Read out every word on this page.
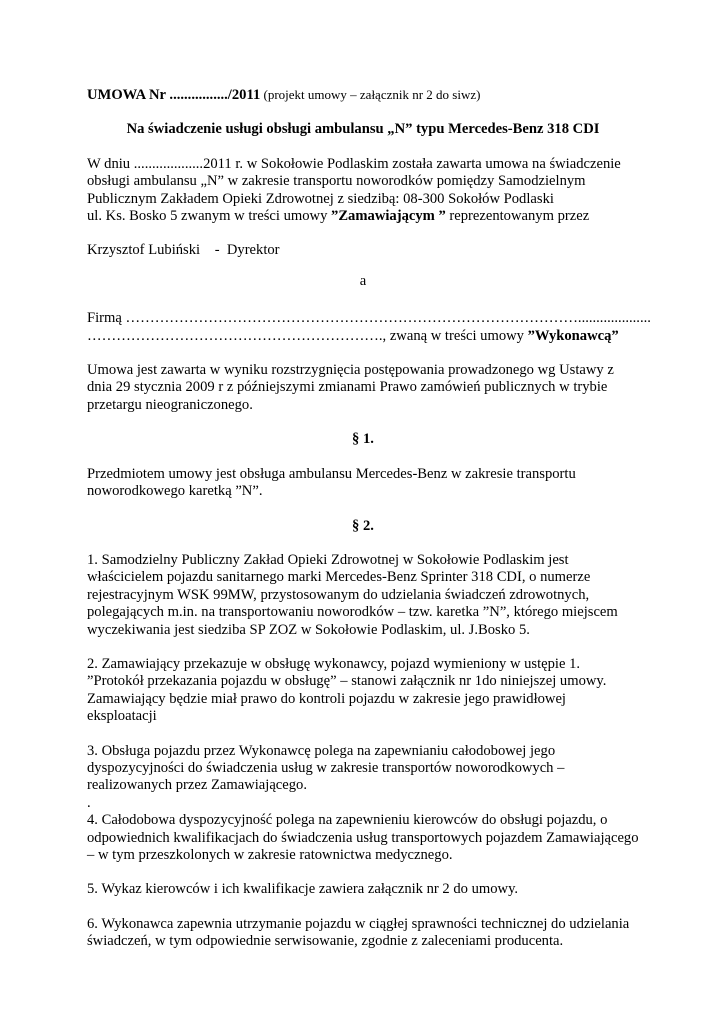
UMOWA Nr ................/2011 (projekt umowy – załącznik nr 2 do siwz)

Na świadczenie usługi obsługi ambulansu „N” typu Mercedes-Benz 318 CDI

W dniu ...................2011 r. w Sokołowie Podlaskim została zawarta umowa na świadczenie

obsługi ambulansu „N” w zakresie transportu noworodków pomiędzy Samodzielnym

Publicznym Zakładem Opieki Zdrowotnej z siedzibą: 08-300 Sokołów Podlaski

ul. Ks. Bosko 5 zwanym w treści umowy ”Zamawiającym ” reprezentowanym przez

Krzysztof Lubiński    -  Dyrektor

a

Firmą …………………………………………………………………………………....................

……………………………………………………., zwaną w treści umowy ”Wykonawcą”

Umowa jest zawarta w wyniku rozstrzygnięcia postępowania prowadzonego wg Ustawy z

dnia 29 stycznia 2009 r z późniejszymi zmianami Prawo zamówień publicznych w trybie

przetargu nieograniczonego.

§ 1.

Przedmiotem umowy jest obsługa ambulansu Mercedes-Benz w zakresie transportu

noworodkowego karetką ”N”.

§ 2.

1. Samodzielny Publiczny Zakład Opieki Zdrowotnej w Sokołowie Podlaskim jest

właścicielem pojazdu sanitarnego marki Mercedes-Benz Sprinter 318 CDI, o numerze

rejestracyjnym WSK 99MW, przystosowanym do udzielania świadczeń zdrowotnych,

polegających m.in. na transportowaniu noworodków – tzw. karetka ”N”, którego miejscem

wyczekiwania jest siedziba SP ZOZ w Sokołowie Podlaskim, ul. J.Bosko 5.

2. Zamawiający przekazuje w obsługę wykonawcy, pojazd wymieniony w ustępie 1.

”Protokół przekazania pojazdu w obsługę” – stanowi załącznik nr 1do niniejszej umowy.

Zamawiający będzie miał prawo do kontroli pojazdu w zakresie jego prawidłowej

eksploatacji

3. Obsługa pojazdu przez Wykonawcę polega na zapewnianiu całodobowej jego

dyspozycyjności do świadczenia usług w zakresie transportów noworodkowych –

realizowanych przez Zamawiającego.

.

4. Całodobowa dyspozycyjność polega na zapewnieniu kierowców do obsługi pojazdu, o

odpowiednich kwalifikacjach do świadczenia usług transportowych pojazdem Zamawiającego

– w tym przeszkolonych w zakresie ratownictwa medycznego.

5. Wykaz kierowców i ich kwalifikacje zawiera załącznik nr 2 do umowy.

6. Wykonawca zapewnia utrzymanie pojazdu w ciągłej sprawności technicznej do udzielania

świadczeń, w tym odpowiednie serwisowanie, zgodnie z zaleceniami producenta.
